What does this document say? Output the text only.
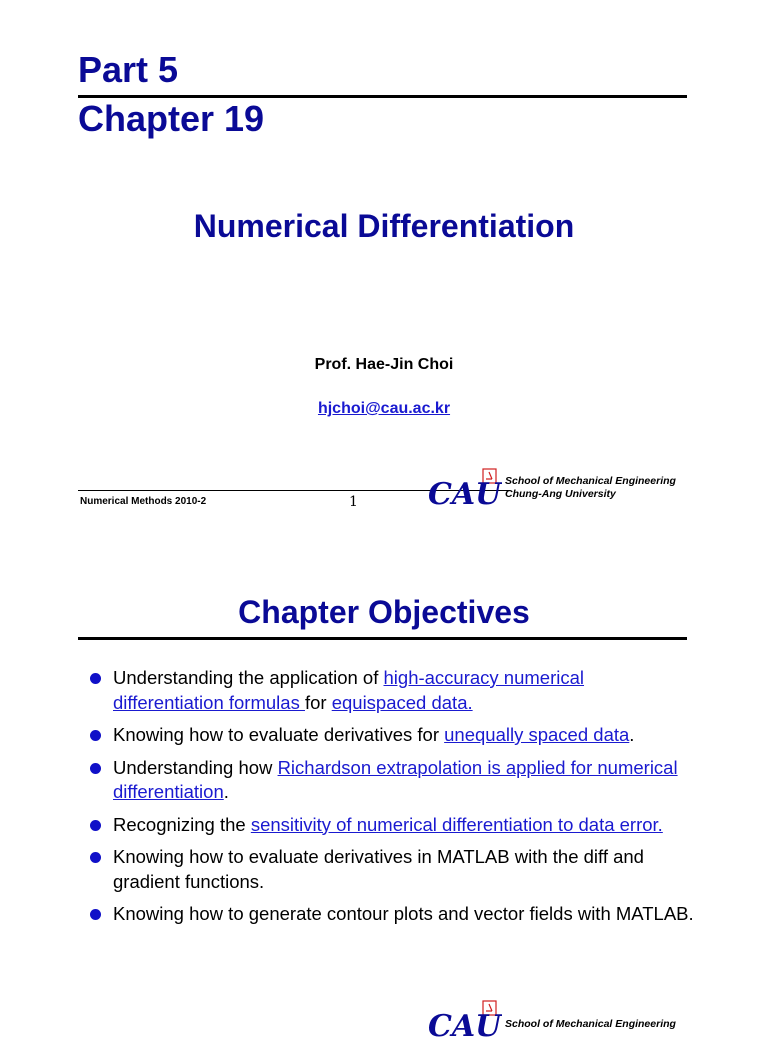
Part 5
Chapter 19
Numerical Differentiation
Prof. Hae-Jin Choi
hjchoi@cau.ac.kr
Numerical Methods 2010-2	1 CAU School of Mechanical Engineering
Chung-Ang University
Chapter Objectives
Understanding the application of high-accuracy numerical differentiation formulas for equispaced data.
Knowing how to evaluate derivatives for unequally spaced data.
Understanding how Richardson extrapolation is applied for numerical differentiation.
Recognizing the sensitivity of numerical differentiation to data error.
Knowing how to evaluate derivatives in MATLAB with the diff and gradient functions.
Knowing how to generate contour plots and vector fields with MATLAB.
CAU School of Mechanical Engineering
